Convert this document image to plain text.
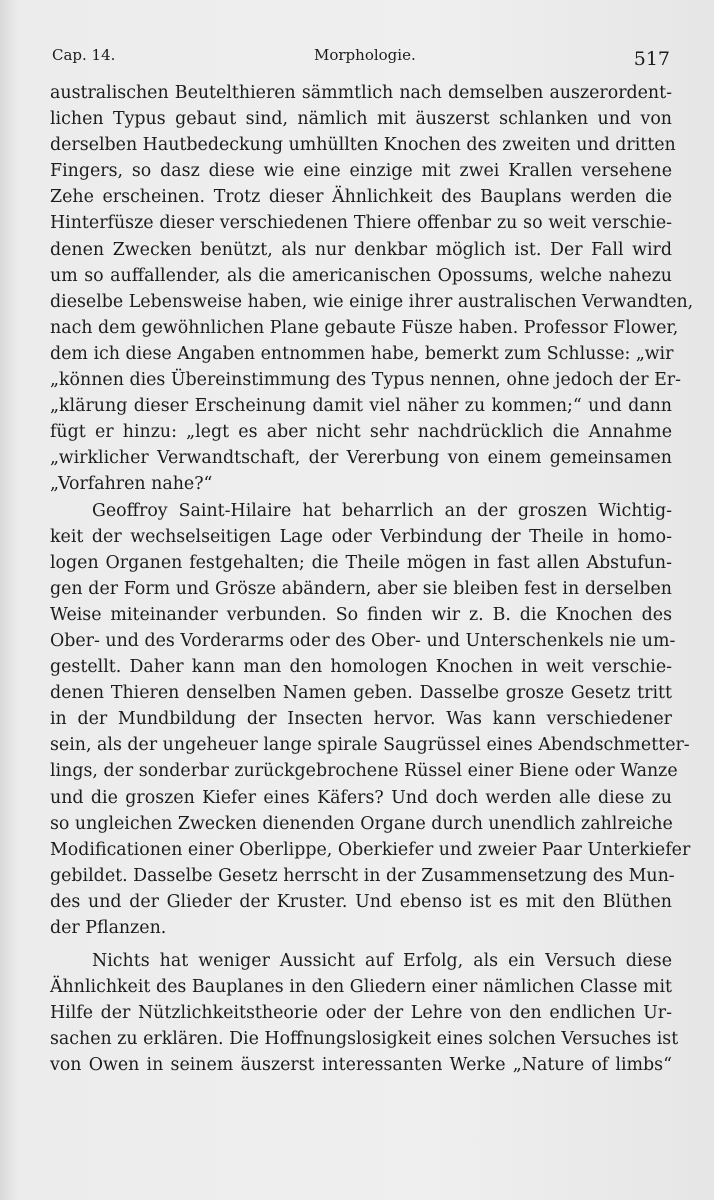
Cap. 14.	Morphologie.	517
australischen Beutelthieren sämmtlich nach demselben auszerordent-
lichen Typus gebaut sind, nämlich mit äuszerst schlanken und von
derselben Hautbedeckung umhüllten Knochen des zweiten und dritten
Fingers, so dasz diese wie eine einzige mit zwei Krallen versehene
Zehe erscheinen. Trotz dieser Ähnlichkeit des Bauplans werden die
Hinterfüsze dieser verschiedenen Thiere offenbar zu so weit verschie-
denen Zwecken benützt, als nur denkbar möglich ist. Der Fall wird
um so auffallender, als die americanischen Opossums, welche nahezu
dieselbe Lebensweise haben, wie einige ihrer australischen Verwandten,
nach dem gewöhnlichen Plane gebaute Füsze haben. Professor Flower,
dem ich diese Angaben entnommen habe, bemerkt zum Schlusse: „wir
„können dies Übereinstimmung des Typus nennen, ohne jedoch der Er-
„klärung dieser Erscheinung damit viel näher zu kommen;“ und dann
fügt er hinzu: „legt es aber nicht sehr nachdrücklich die Annahme
„wirklicher Verwandtschaft, der Vererbung von einem gemeinsamen
„Vorfahren nahe?“
Geoffroy Saint-Hilaire hat beharrlich an der groszen Wichtig-
keit der wechselseitigen Lage oder Verbindung der Theile in homo-
logen Organen festgehalten; die Theile mögen in fast allen Abstufun-
gen der Form und Grösze abändern, aber sie bleiben fest in derselben
Weise miteinander verbunden. So finden wir z. B. die Knochen des
Ober- und des Vorderarms oder des Ober- und Unterschenkels nie um-
gestellt. Daher kann man den homologen Knochen in weit verschie-
denen Thieren denselben Namen geben. Dasselbe grosze Gesetz tritt
in der Mundbildung der Insecten hervor. Was kann verschiedener
sein, als der ungeheuer lange spirale Saugrüssel eines Abendschmetter-
lings, der sonderbar zurückgebrochene Rüssel einer Biene oder Wanze
und die groszen Kiefer eines Käfers? Und doch werden alle diese zu
so ungleichen Zwecken dienenden Organe durch unendlich zahlreiche
Modificationen einer Oberlippe, Oberkiefer und zweier Paar Unterkiefer
gebildet. Dasselbe Gesetz herrscht in der Zusammensetzung des Mun-
des und der Glieder der Kruster. Und ebenso ist es mit den Blüthen
der Pflanzen.
Nichts hat weniger Aussicht auf Erfolg, als ein Versuch diese
Ähnlichkeit des Bauplanes in den Gliedern einer nämlichen Classe mit
Hilfe der Nützlichkeitstheorie oder der Lehre von den endlichen Ur-
sachen zu erklären. Die Hoffnungslosigkeit eines solchen Versuches ist
von Owen in seinem äuszerst interessanten Werke „Nature of limbs“
